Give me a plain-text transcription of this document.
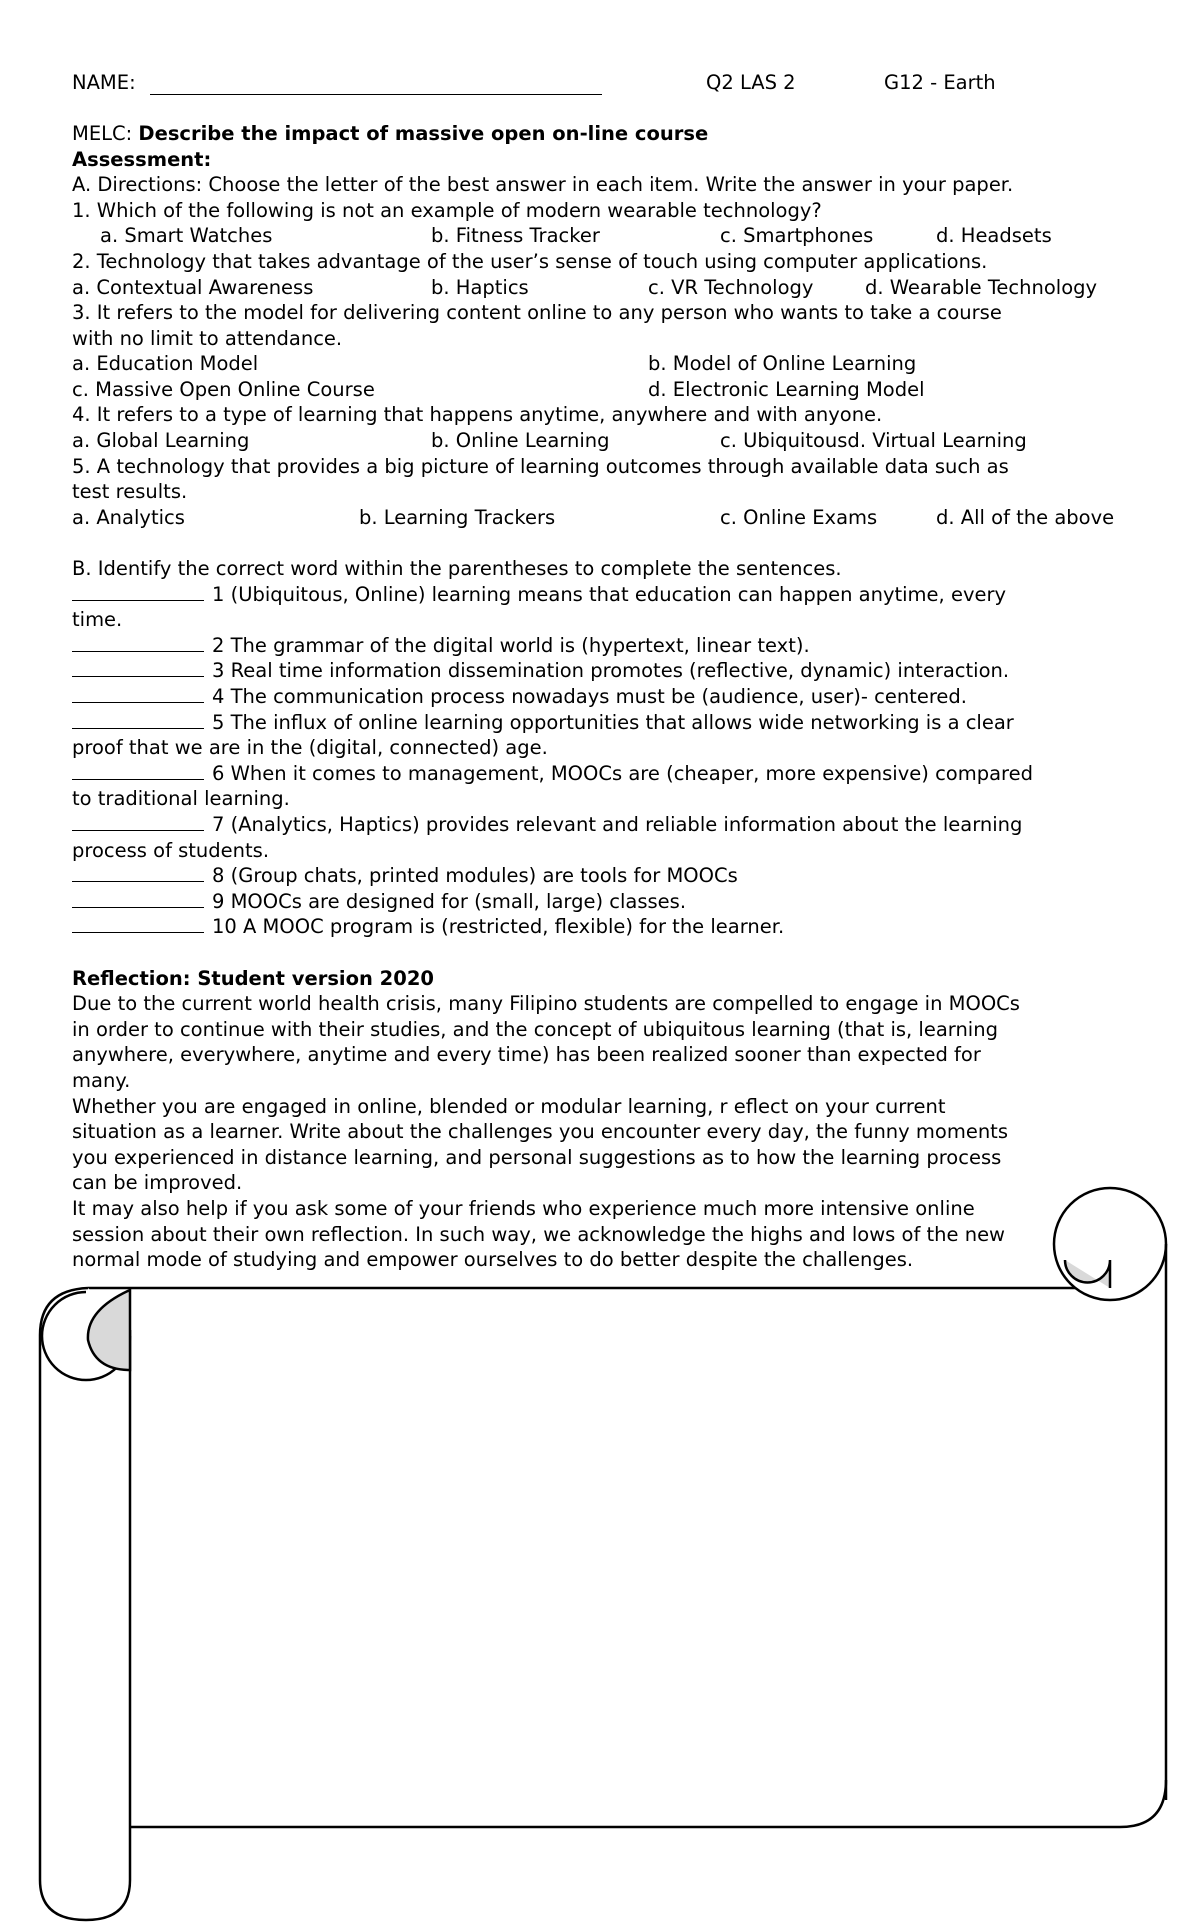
NAME:	Q2 LAS 2	G12 - Earth
MELC: Describe the impact of massive open on-line course
Assessment:
A. Directions: Choose the letter of the best answer in each item. Write the answer in your paper.
1. Which of the following is not an example of modern wearable technology?
a. Smart Watches	b. Fitness Tracker	c. Smartphones	d. Headsets
2. Technology that takes advantage of the user’s sense of touch using computer applications.
a. Contextual Awareness	b. Haptics	c. VR Technology	d. Wearable Technology
3. It refers to the model for delivering content online to any person who wants to take a course
with no limit to attendance.
a. Education Model	b. Model of Online Learning
c. Massive Open Online Course	d. Electronic Learning Model
4. It refers to a type of learning that happens anytime, anywhere and with anyone.
a. Global Learning	b. Online Learning	c. Ubiquitousd. Virtual Learning
5. A technology that provides a big picture of learning outcomes through available data such as
test results.
a. Analytics	b. Learning Trackers	c. Online Exams	d. All of the above
B. Identify the correct word within the parentheses to complete the sentences.
1 (Ubiquitous, Online) learning means that education can happen anytime, every
time.
2 The grammar of the digital world is (hypertext, linear text).
3 Real time information dissemination promotes (reflective, dynamic) interaction.
4 The communication process nowadays must be (audience, user)- centered.
5 The influx of online learning opportunities that allows wide networking is a clear
proof that we are in the (digital, connected) age.
6 When it comes to management, MOOCs are (cheaper, more expensive) compared
to traditional learning.
7 (Analytics, Haptics) provides relevant and reliable information about the learning
process of students.
8 (Group chats, printed modules) are tools for MOOCs
9 MOOCs are designed for (small, large) classes.
10 A MOOC program is (restricted, flexible) for the learner.
Reflection: Student version 2020
Due to the current world health crisis, many Filipino students are compelled to engage in MOOCs
in order to continue with their studies, and the concept of ubiquitous learning (that is, learning
anywhere, everywhere, anytime and every time) has been realized sooner than expected for
many.
Whether you are engaged in online, blended or modular learning, r eflect on your current
situation as a learner. Write about the challenges you encounter every day, the funny moments
you experienced in distance learning, and personal suggestions as to how the learning process
can be improved.
It may also help if you ask some of your friends who experience much more intensive online
session about their own reflection. In such way, we acknowledge the highs and lows of the new
normal mode of studying and empower ourselves to do better despite the challenges.
